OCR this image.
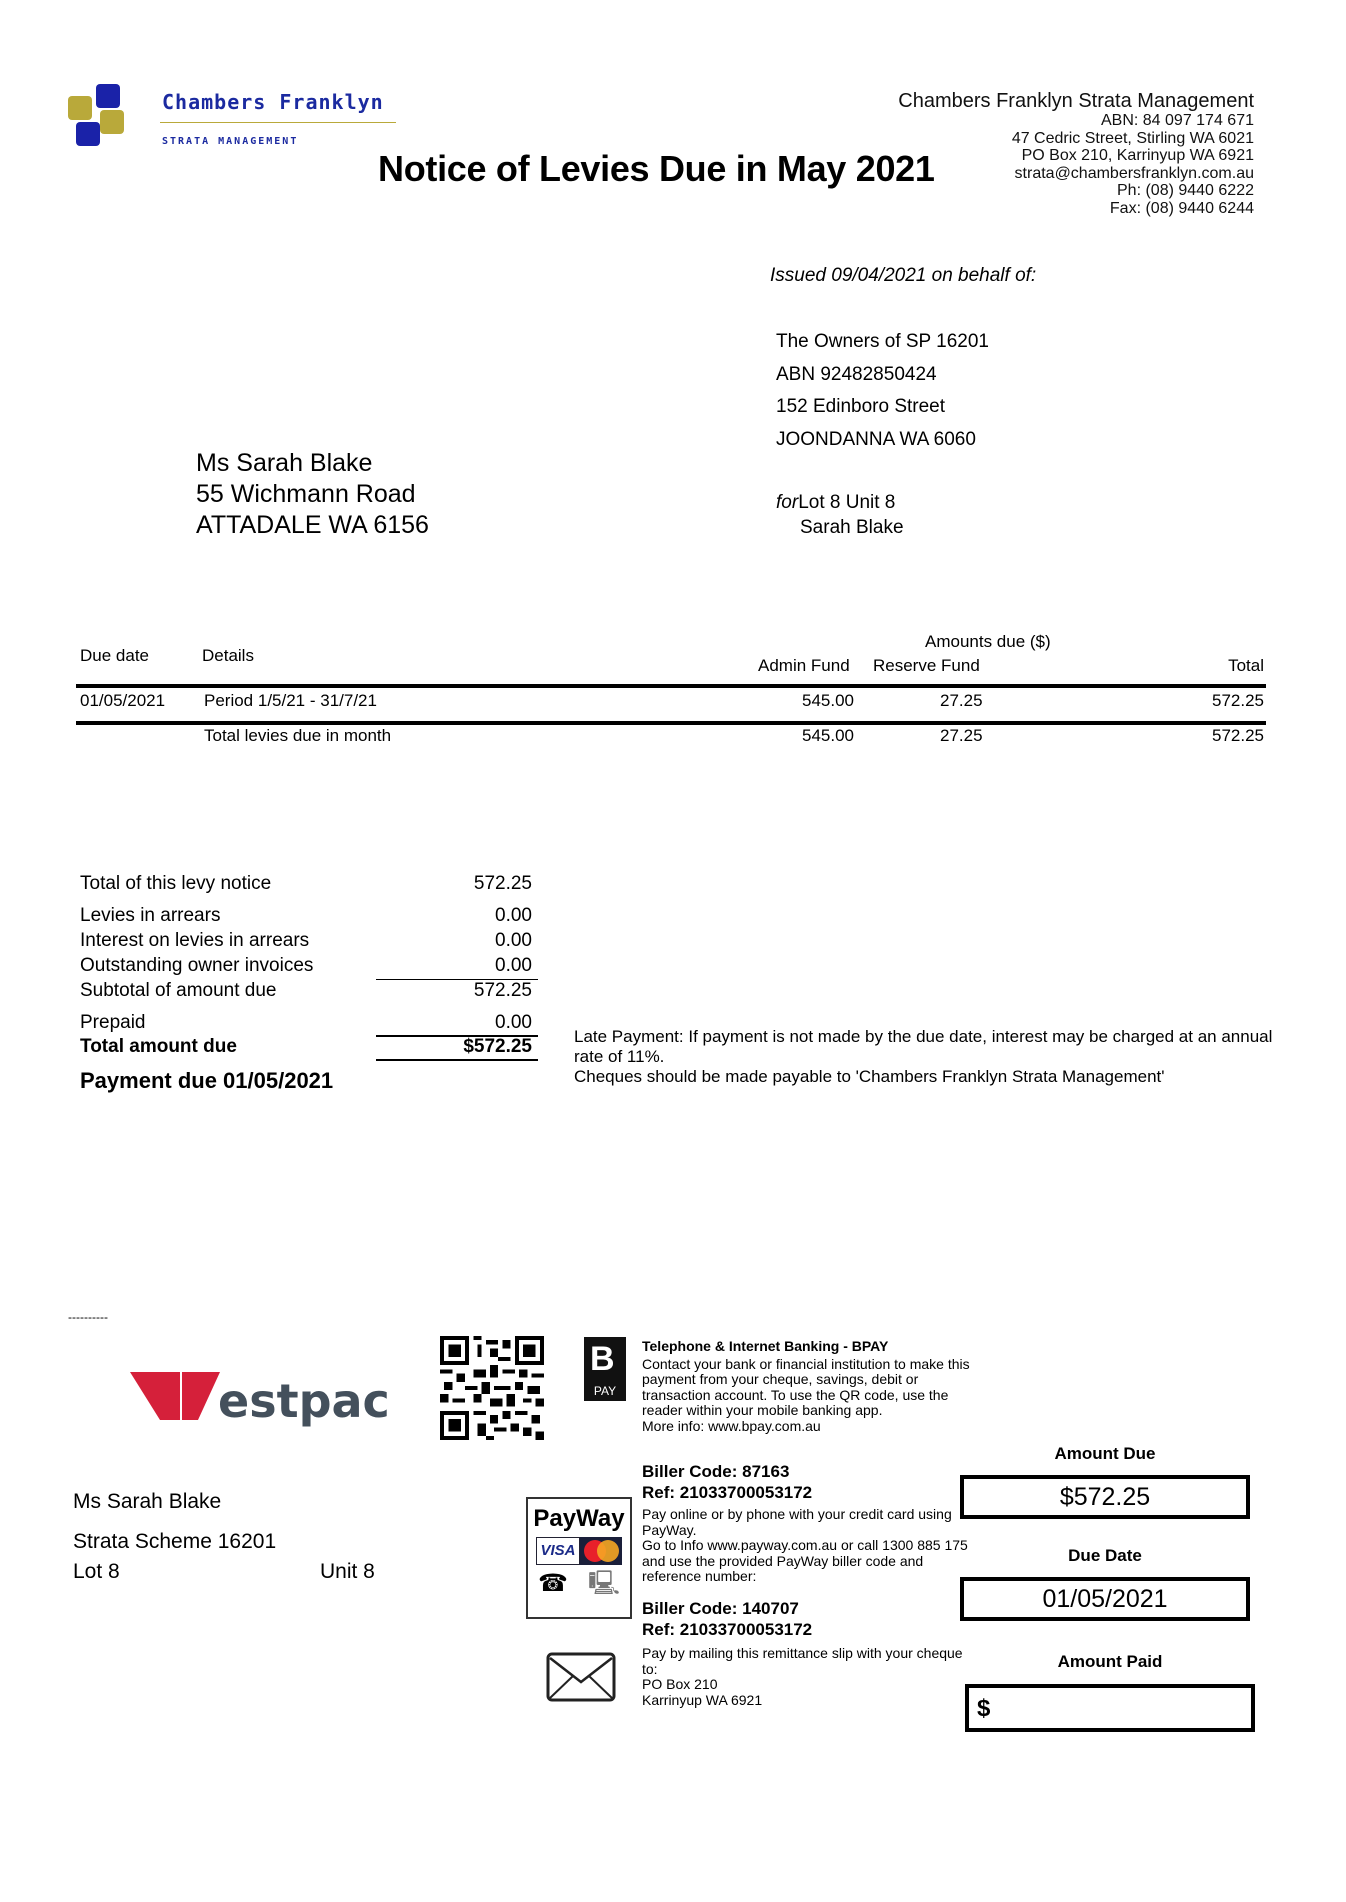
Chambers Franklyn
STRATA MANAGEMENT
Chambers Franklyn Strata Management
ABN: 84 097 174 671
47 Cedric Street, Stirling WA 6021
PO Box 210, Karrinyup WA 6921
strata@chambersfranklyn.com.au
Ph: (08) 9440 6222
Fax: (08) 9440 6244
Notice of Levies Due in May 2021
Issued 09/04/2021 on behalf of:
The Owners of SP 16201
ABN 92482850424
152 Edinboro Street
JOONDANNA WA 6060
forLot 8 Unit 8
Sarah Blake
Ms Sarah Blake
55 Wichmann Road
ATTADALE WA 6156
Due date	Details
Amounts due ($)
Admin Fund Reserve Fund	Total
01/05/2021 Period 1/5/21 - 31/7/21	545.00	27.25	572.25
Total levies due in month	545.00	27.25	572.25
Total of this levy notice	572.25
Levies in arrears	0.00
Interest on levies in arrears	0.00
Outstanding owner invoices	0.00
Subtotal of amount due	572.25
Prepaid	0.00
Total amount due	$572.25
Payment due 01/05/2021
Late Payment: If payment is not made by the due date, interest may be charged at an annual rate of 11%.
Cheques should be made payable to 'Chambers Franklyn Strata Management'
----------
estpac
B
PAY
Telephone & Internet Banking - BPAY
Contact your bank or financial institution to make this payment from your cheque, savings, debit or transaction account. To use the QR code, use the reader within your mobile banking app.
More info: www.bpay.com.au
Biller Code: 87163
Ref: 21033700053172
PayWay
VISA
☎ 🖳
Pay online or by phone with your credit card using PayWay.
Go to Info www.payway.com.au or call 1300 885 175 and use the provided PayWay biller code and reference number:
Biller Code: 140707
Ref: 21033700053172
Pay by mailing this remittance slip with your cheque to:
PO Box 210
Karrinyup WA 6921
Ms Sarah Blake
Strata Scheme 16201
Lot 8	Unit 8
Amount Due
$572.25
Due Date
01/05/2021
Amount Paid
$
